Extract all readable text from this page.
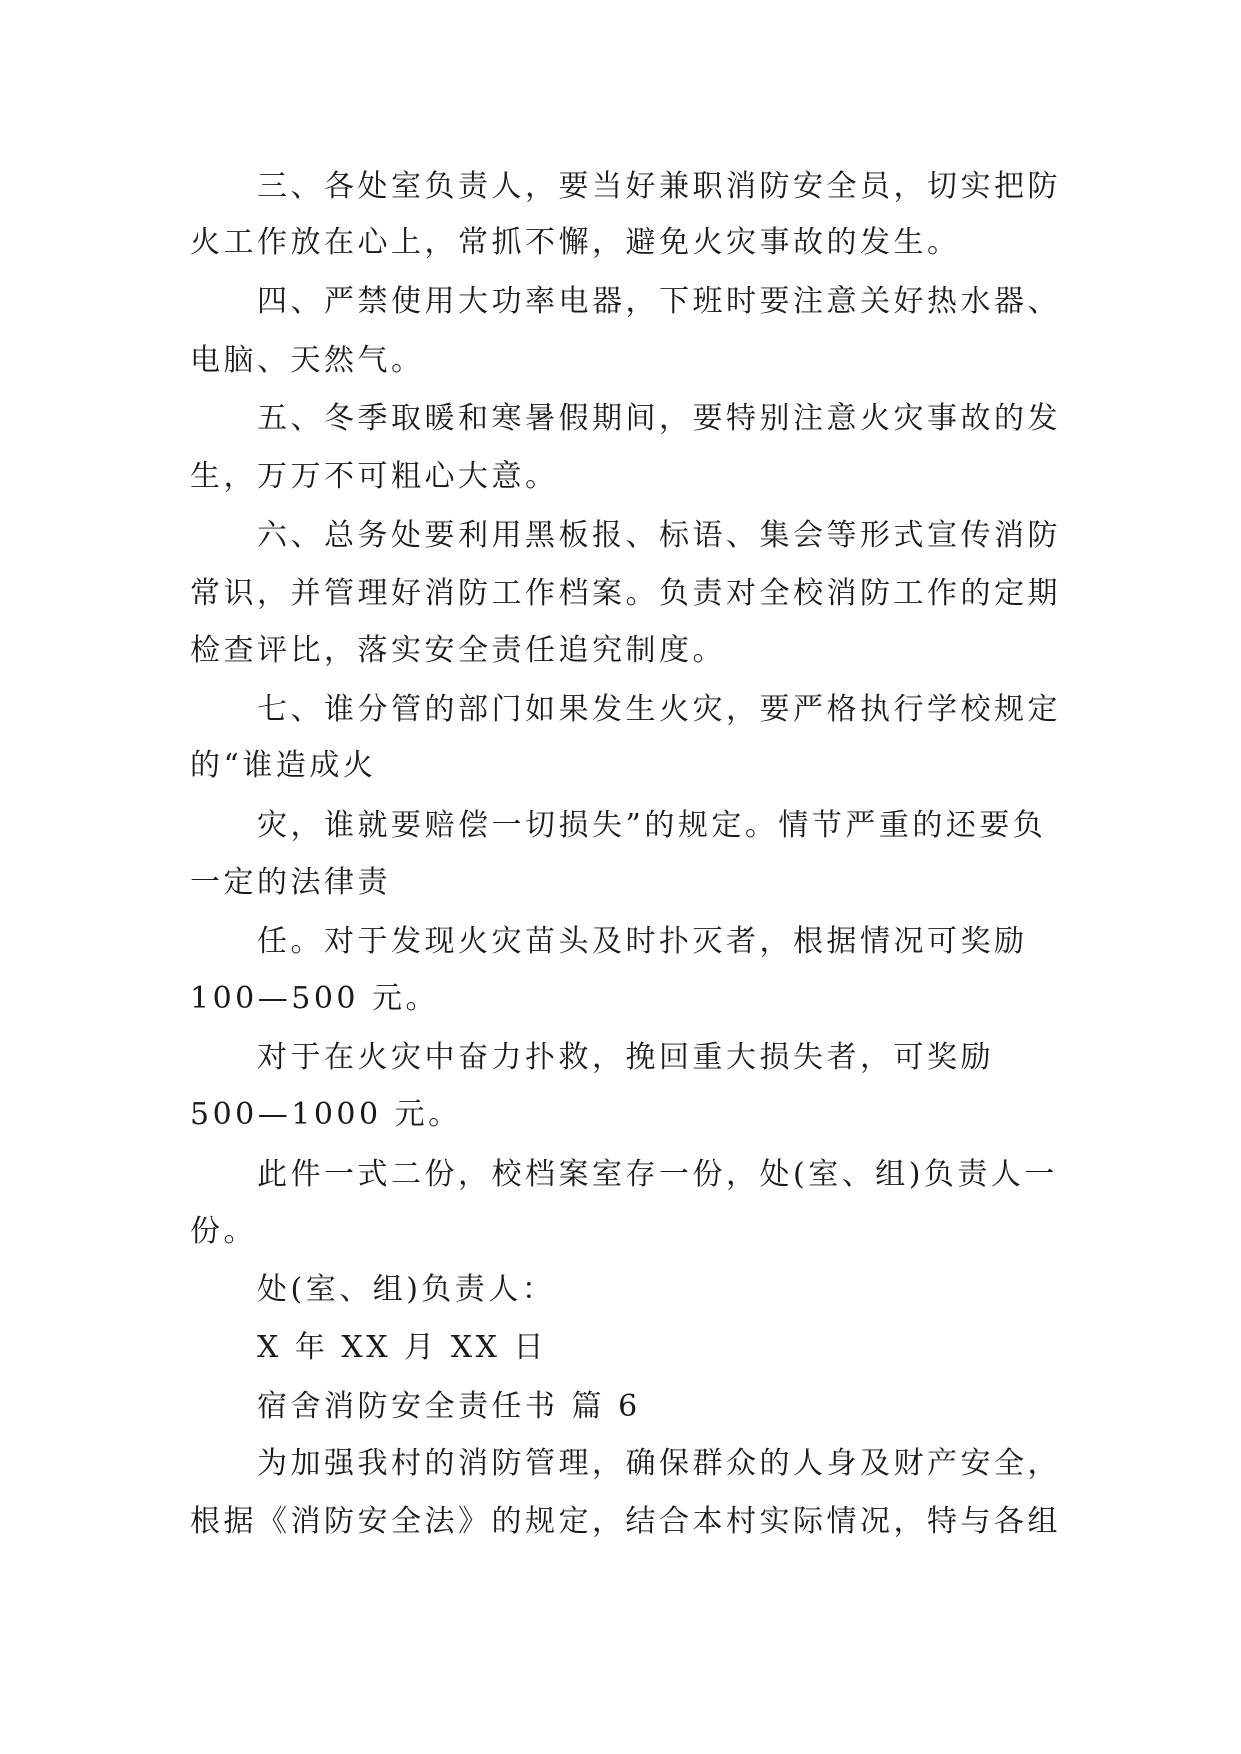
三、各处室负责人，要当好兼职消防安全员，切实把防
火工作放在心上，常抓不懈，避免火灾事故的发生。
四、严禁使用大功率电器，下班时要注意关好热水器、
电脑、天然气。
五、冬季取暖和寒暑假期间，要特别注意火灾事故的发
生，万万不可粗心大意。
六、总务处要利用黑板报、标语、集会等形式宣传消防
常识，并管理好消防工作档案。负责对全校消防工作的定期
检查评比，落实安全责任追究制度。
七、谁分管的部门如果发生火灾，要严格执行学校规定
的“谁造成火
灾，谁就要赔偿一切损失”的规定。情节严重的还要负
一定的法律责
任。对于发现火灾苗头及时扑灭者，根据情况可奖励
100—500 元。
对于在火灾中奋力扑救，挽回重大损失者，可奖励
500—1000 元。
此件一式二份，校档案室存一份，处(室、组)负责人一
份。
处(室、组)负责人：
X 年 XX 月 XX 日
宿舍消防安全责任书 篇 6
为加强我村的消防管理，确保群众的人身及财产安全，
根据《消防安全法》的规定，结合本村实际情况，特与各组
